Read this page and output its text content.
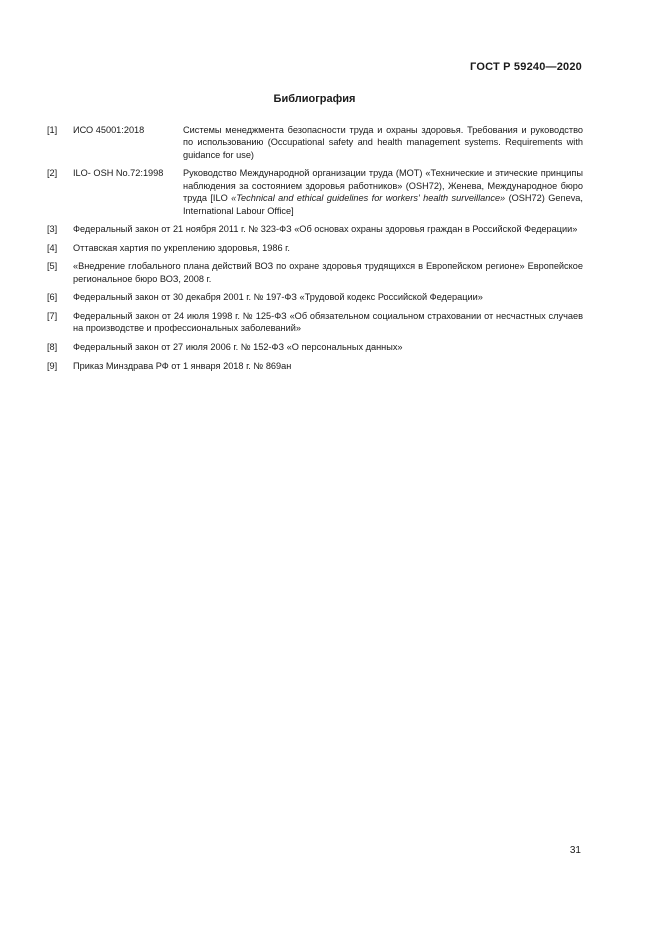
ГОСТ Р 59240—2020
Библиография
[1] ИСО 45001:2018	Системы менеджмента безопасности труда и охраны здоровья. Требования и руководство по использованию (Occupational safety and health management systems. Requirements with guidance for use)
[2] ILO- OSH No.72:1998 Руководство Международной организации труда (МОТ) «Технические и этические принципы наблюдения за состоянием здоровья работников» (OSH72), Женева, Международное бюро труда [ILO «Technical and ethical guidelines for workers' health surveillance» (OSH72) Geneva, International Labour Office]
[3] Федеральный закон от 21 ноября 2011 г. № 323-ФЗ «Об основах охраны здоровья граждан в Российской Федерации»
[4] Оттавская хартия по укреплению здоровья, 1986 г.
[5] «Внедрение глобального плана действий ВОЗ по охране здоровья трудящихся в Европейском регионе» Европейское региональное бюро ВОЗ, 2008 г.
[6] Федеральный закон от 30 декабря 2001 г. № 197-ФЗ «Трудовой кодекс Российской Федерации»
[7] Федеральный закон от 24 июля 1998 г. № 125-ФЗ «Об обязательном социальном страховании от несчастных случаев на производстве и профессиональных заболеваний»
[8] Федеральный закон от 27 июля 2006 г. № 152-ФЗ «О персональных данных»
[9] Приказ Минздрава РФ от 1 января 2018 г. № 869ан
31
